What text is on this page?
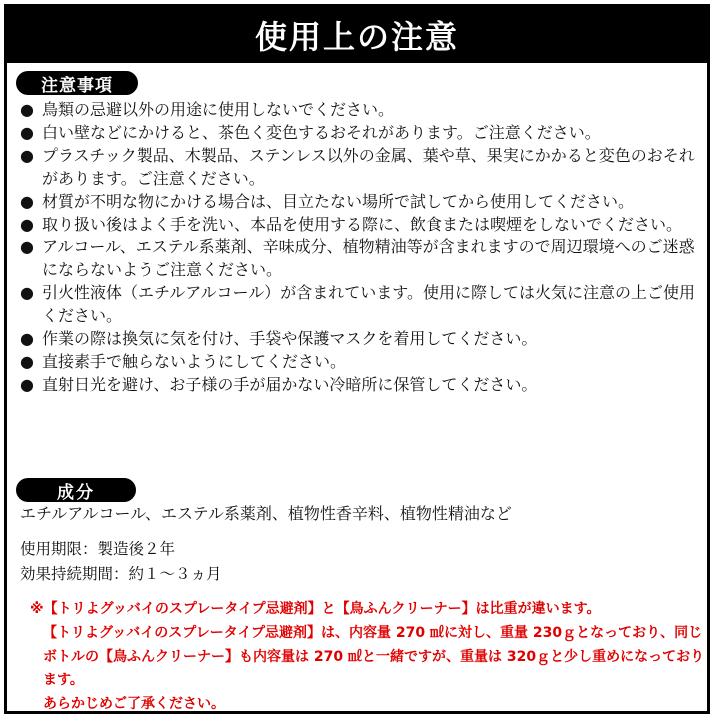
使用上の注意
注意事項
● 鳥類の忌避以外の用途に使用しないでください。
● 白い壁などにかけると、茶色く変色するおそれがあります。ご注意ください。
● プラスチック製品、木製品、ステンレス以外の金属、葉や草、果実にかかると変色のおそれがあります。ご注意ください。
● 材質が不明な物にかける場合は、目立たない場所で試してから使用してください。
● 取り扱い後はよく手を洗い、本品を使用する際に、飲食または喫煙をしないでください。
● アルコール、エステル系薬剤、辛味成分、植物精油等が含まれますので周辺環境へのご迷惑にならないようご注意ください。
● 引火性液体（エチルアルコール）が含まれています。使用に際しては火気に注意の上ご使用ください。
● 作業の際は換気に気を付け、手袋や保護マスクを着用してください。
● 直接素手で触らないようにしてください。
● 直射日光を避け、お子様の手が届かない冷暗所に保管してください。
成分
エチルアルコール、エステル系薬剤、植物性香辛料、植物性精油など
使用期限：製造後２年
効果持続期間：約１～３ヵ月
※【トリよグッバイのスプレータイプ忌避剤】と【鳥ふんクリーナー】は比重が違います。
【トリよグッバイのスプレータイプ忌避剤】は、内容量 270 ㎖に対し、重量 230ｇとなっており、同じボトルの【鳥ふんクリーナー】も内容量は 270 ㎖と一緒ですが、重量は 320ｇと少し重めになっております。
あらかじめご了承ください。
